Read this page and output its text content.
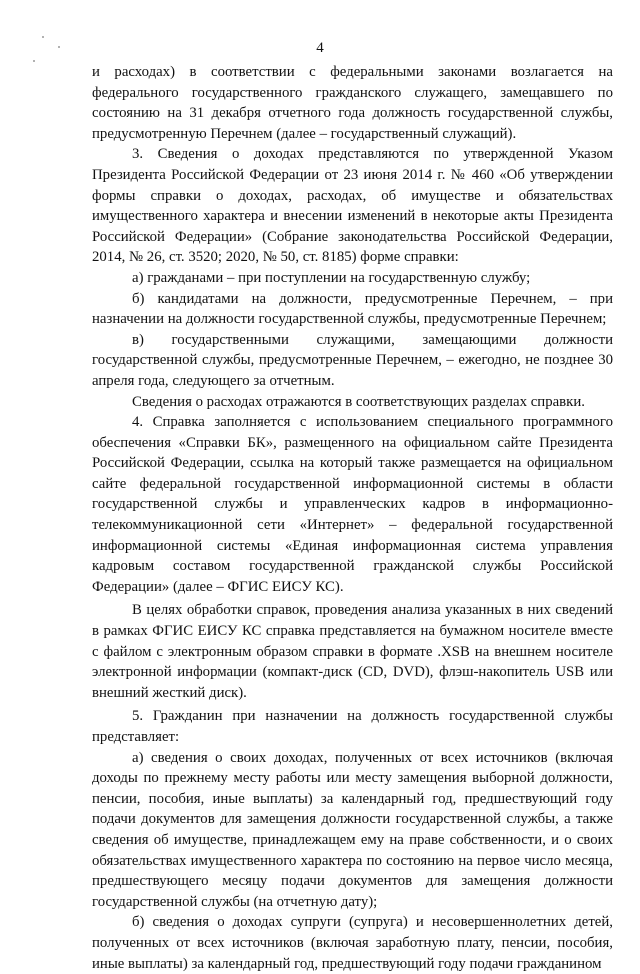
4

и расходах) в соответствии с федеральными законами возлагается на федерального государственного гражданского служащего, замещавшего по состоянию на 31 декабря отчетного года должность государственной службы, предусмотренную Перечнем (далее – государственный служащий).

3. Сведения о доходах представляются по утвержденной Указом Президента Российской Федерации от 23 июня 2014 г. № 460 «Об утверждении формы справки о доходах, расходах, об имуществе и обязательствах имущественного характера и внесении изменений в некоторые акты Президента Российской Федерации» (Собрание законодательства Российской Федерации, 2014, № 26, ст. 3520; 2020, № 50, ст. 8185) форме справки:

а) гражданами – при поступлении на государственную службу;

б) кандидатами на должности, предусмотренные Перечнем, – при назначении на должности государственной службы, предусмотренные Перечнем;

в) государственными служащими, замещающими должности государственной службы, предусмотренные Перечнем, – ежегодно, не позднее 30 апреля года, следующего за отчетным.

Сведения о расходах отражаются в соответствующих разделах справки.

4. Справка заполняется с использованием специального программного обеспечения «Справки БК», размещенного на официальном сайте Президента Российской Федерации, ссылка на который также размещается на официальном сайте федеральной государственной информационной системы в области государственной службы и управленческих кадров в информационно-телекоммуникационной сети «Интернет» – федеральной государственной информационной системы «Единая информационная система управления кадровым составом государственной гражданской службы Российской Федерации» (далее – ФГИС ЕИСУ КС).

В целях обработки справок, проведения анализа указанных в них сведений в рамках ФГИС ЕИСУ КС справка представляется на бумажном носителе вместе с файлом с электронным образом справки в формате .XSB на внешнем носителе электронной информации (компакт-диск (CD, DVD), флэш-накопитель USB или внешний жесткий диск).

5. Гражданин при назначении на должность государственной службы представляет:

а) сведения о своих доходах, полученных от всех источников (включая доходы по прежнему месту работы или месту замещения выборной должности, пенсии, пособия, иные выплаты) за календарный год, предшествующий году подачи документов для замещения должности государственной службы, а также сведения об имуществе, принадлежащем ему на праве собственности, и о своих обязательствах имущественного характера по состоянию на первое число месяца, предшествующего месяцу подачи документов для замещения должности государственной службы (на отчетную дату);

б) сведения о доходах супруги (супруга) и несовершеннолетних детей, полученных от всех источников (включая заработную плату, пенсии, пособия, иные выплаты) за календарный год, предшествующий году подачи гражданином
